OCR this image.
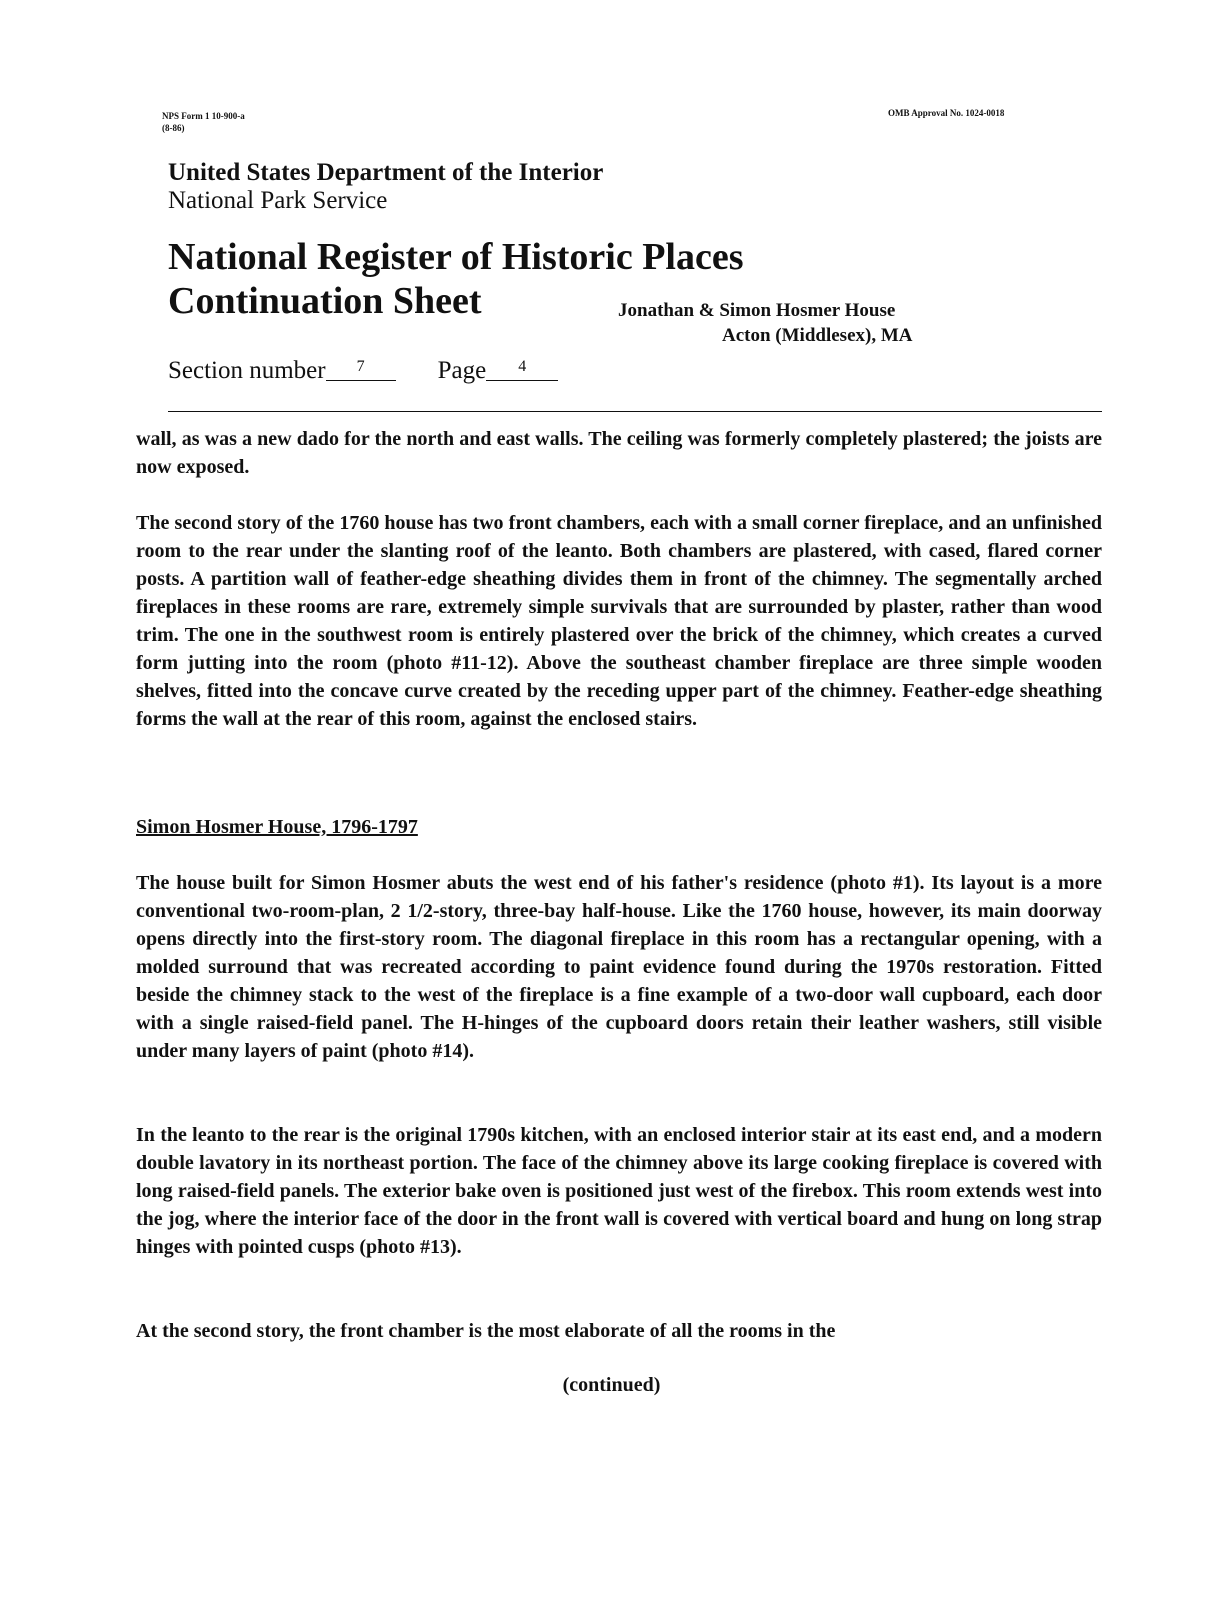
NPS Form 1 10-900-a
(8-86)
OMB Approval No. 1024-0018
United States Department of the Interior
National Park Service
National Register of Historic Places
Continuation Sheet	Jonathan & Simon Hosmer House
Acton (Middlesex), MA
Section number 7	Page 4

wall, as was a new dado for the north and east walls. The ceiling was formerly completely plastered; the joists are now exposed.

The second story of the 1760 house has two front chambers, each with a small corner fireplace, and an unfinished room to the rear under the slanting roof of the leanto. Both chambers are plastered, with cased, flared corner posts. A partition wall of feather-edge sheathing divides them in front of the chimney. The segmentally arched fireplaces in these rooms are rare, extremely simple survivals that are surrounded by plaster, rather than wood trim. The one in the southwest room is entirely plastered over the brick of the chimney, which creates a curved form jutting into the room (photo #11-12). Above the southeast chamber fireplace are three simple wooden shelves, fitted into the concave curve created by the receding upper part of the chimney. Feather-edge sheathing forms the wall at the rear of this room, against the enclosed stairs.

Simon Hosmer House, 1796-1797

The house built for Simon Hosmer abuts the west end of his father's residence (photo #1). Its layout is a more conventional two-room-plan, 2 1/2-story, three-bay half-house. Like the 1760 house, however, its main doorway opens directly into the first-story room. The diagonal fireplace in this room has a rectangular opening, with a molded surround that was recreated according to paint evidence found during the 1970s restoration. Fitted beside the chimney stack to the west of the fireplace is a fine example of a two-door wall cupboard, each door with a single raised-field panel. The H-hinges of the cupboard doors retain their leather washers, still visible under many layers of paint (photo #14).

In the leanto to the rear is the original 1790s kitchen, with an enclosed interior stair at its east end, and a modern double lavatory in its northeast portion. The face of the chimney above its large cooking fireplace is covered with long raised-field panels. The exterior bake oven is positioned just west of the firebox. This room extends west into the jog, where the interior face of the door in the front wall is covered with vertical board and hung on long strap hinges with pointed cusps (photo #13).

At the second story, the front chamber is the most elaborate of all the rooms in the

(continued)
